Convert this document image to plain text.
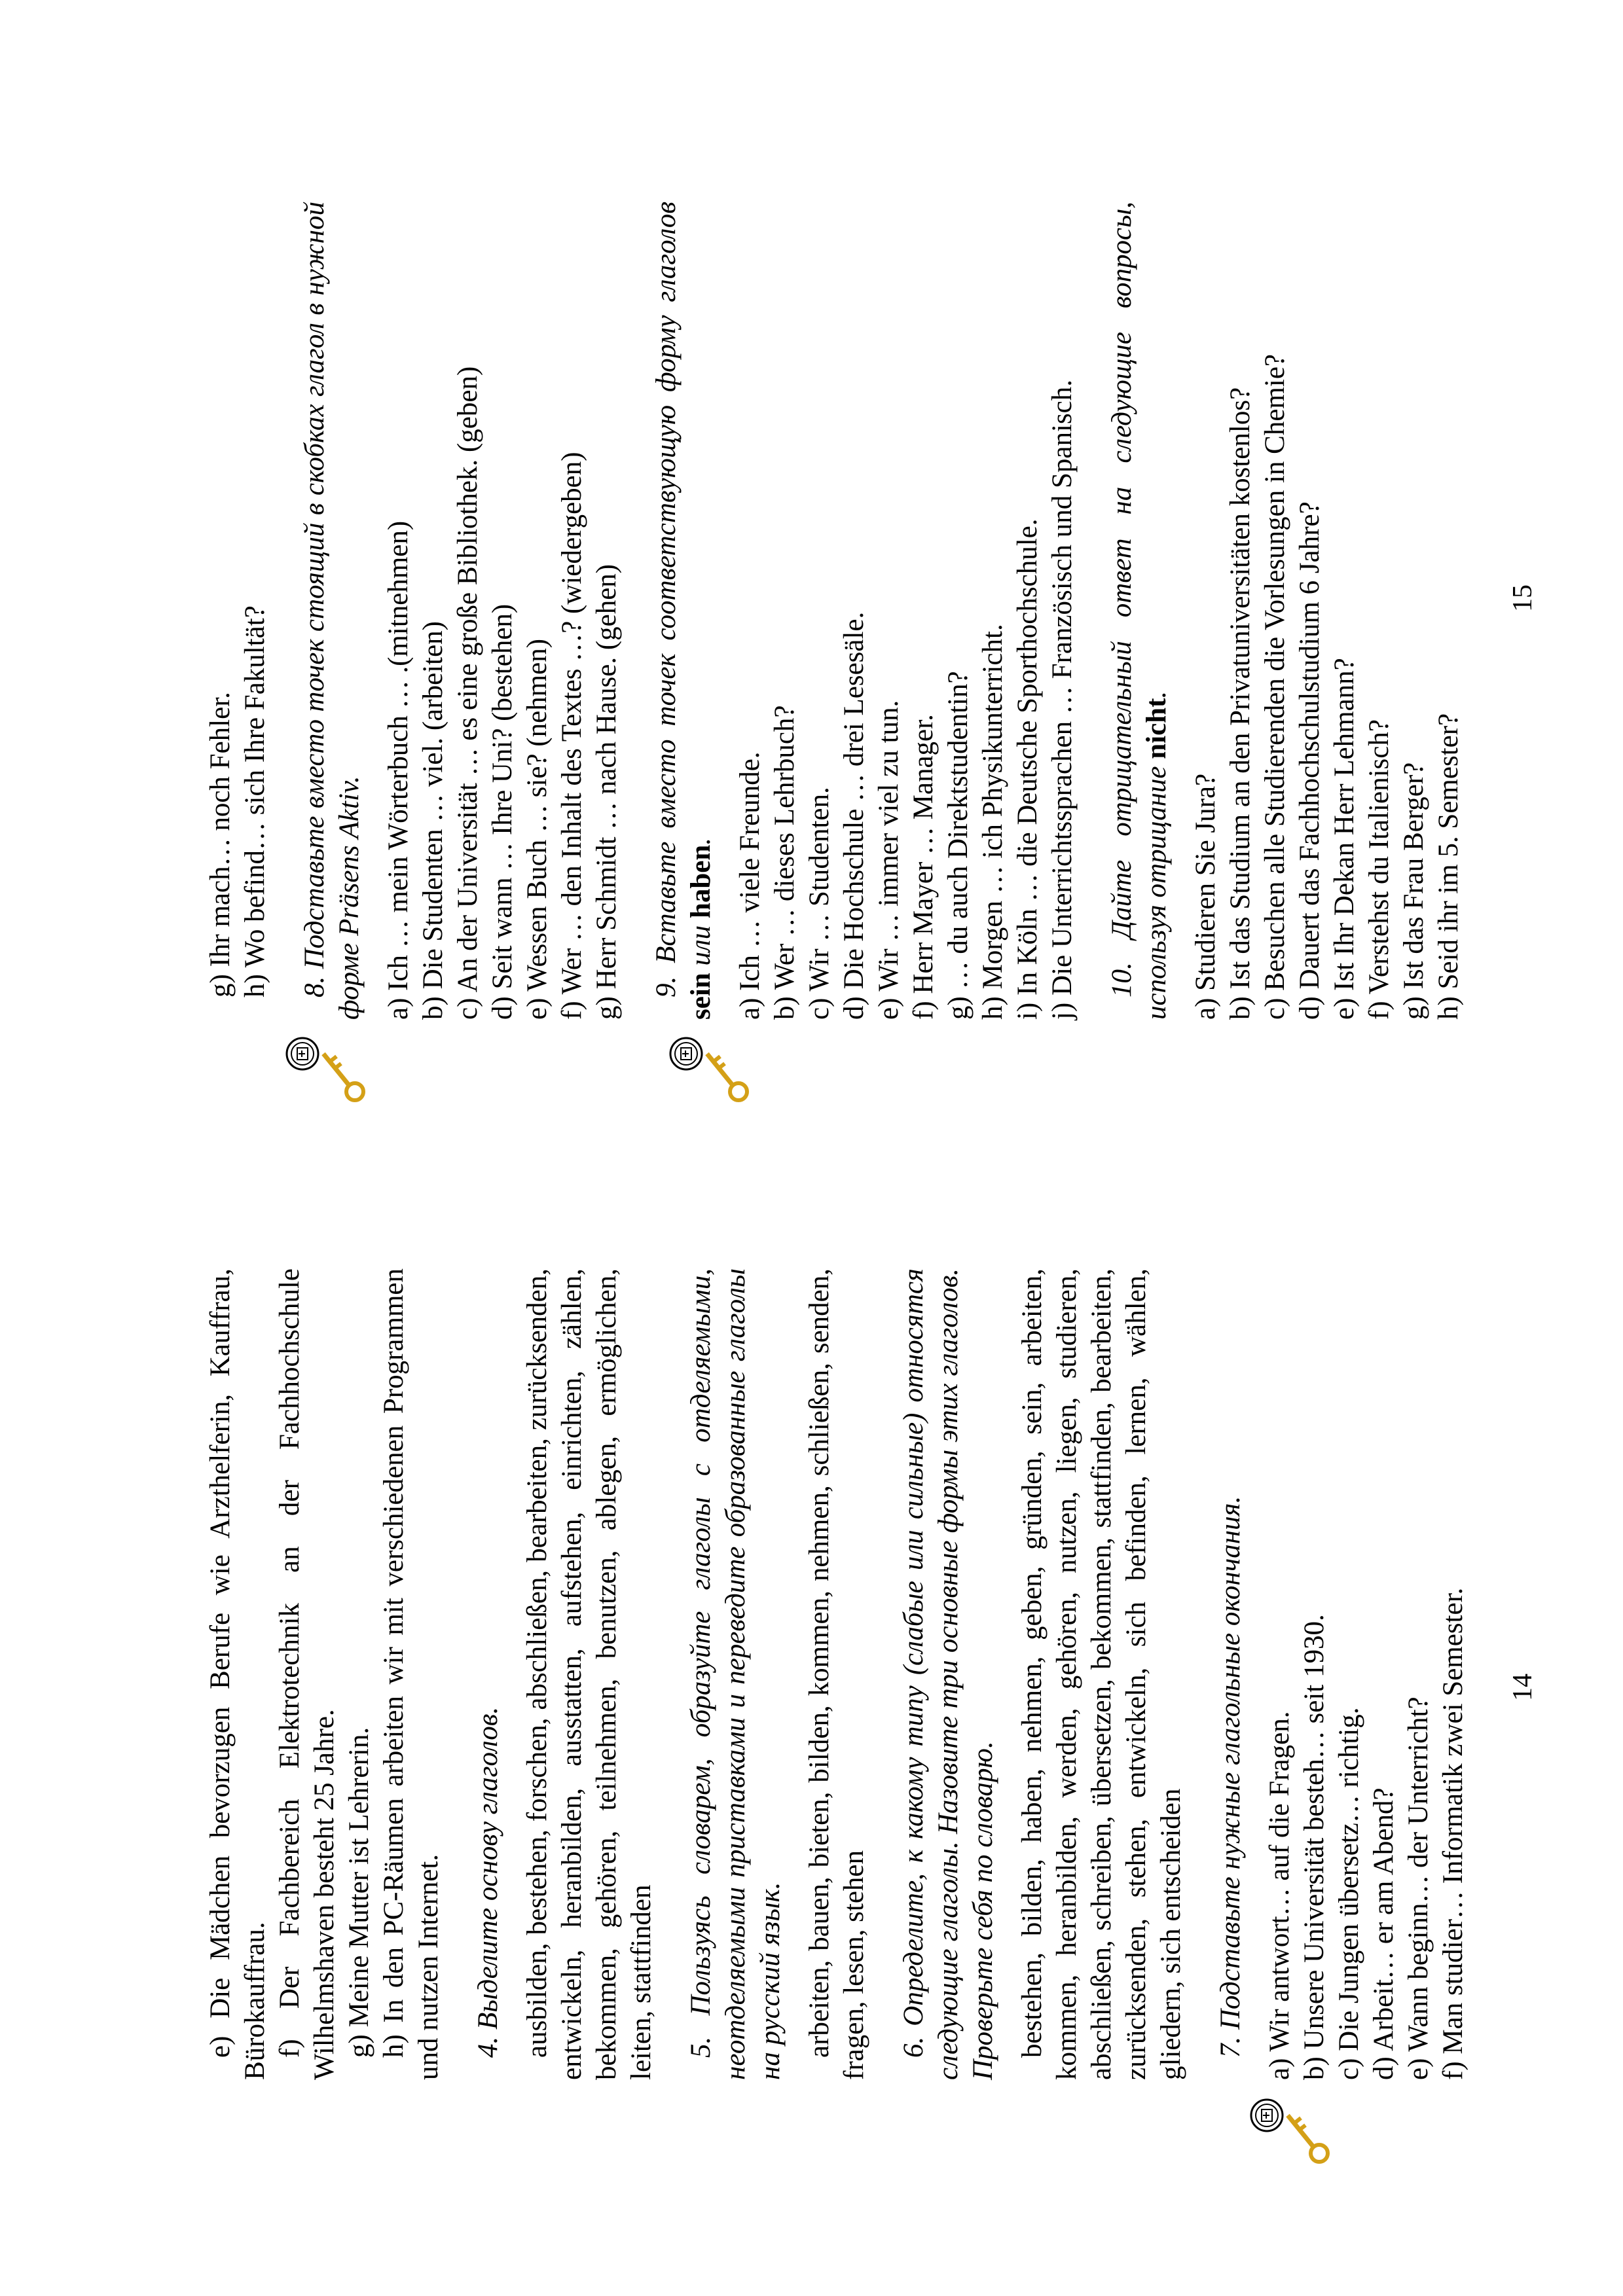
e) Die Mädchen bevorzugen Berufe wie Arzthelferin, Kauffrau, Bürokauffrau. f) Der Fachbereich Elektrotechnik an der Fachhochschule Wilhelmshaven besteht 25 Jahre. g) Meine Mutter ist Lehrerin. h) In den PC-Räumen arbeiten wir mit verschiedenen Programmen und nutzen Internet. 4. Выделите основу глаголов. ausbilden, bestehen, forschen, abschließen, bearbeiten, zurücksenden, entwickeln, heranbilden, ausstatten, aufstehen, einrichten, zählen, bekommen, gehören, teilnehmen, benutzen, ablegen, ermöglichen, leiten, stattfinden 5. Пользуясь словарем, образуйте глаголы с отделяемыми, неотделяемыми приставками и переведите образованные глаголы на русский язык. arbeiten, bauen, bieten, bilden, kommen, nehmen, schließen, senden, fragen, lesen, stehen 6. Определите, к какому типу (слабые или сильные) относятся следующие глаголы. Назовите три основные формы этих глаголов. Проверьте себя по словарю. bestehen, bilden, haben, nehmen, geben, gründen, sein, arbeiten, kommen, heranbilden, werden, gehören, nutzen, liegen, studieren, abschließen, schreiben, übersetzen, bekommen, stattfinden, bearbeiten, zurücksenden, stehen, entwickeln, sich befinden, lernen, wählen, gliedern, sich entscheiden 7. Подставьте нужные глагольные окончания. a) Wir antwort… auf die Fragen. b) Unsere Universität besteh… seit 1930. c) Die Jungen übersetz… richtig. d) Arbeit… er am Abend? e) Wann beginn… der Unterricht? f) Man studier… Informatik zwei Semester. 14

g) Ihr mach… noch Fehler. h) Wo befind… sich Ihre Fakultät? 8. Подставьте вместо точек стоящий в скобках глагол в нужной форме Präsens Aktiv. a) Ich … mein Wörterbuch … .(mitnehmen) b) Die Studenten … viel. (arbeiten) c) An der Universität … es eine große Bibliothek. (geben) d) Seit wann … Ihre Uni? (bestehen) e) Wessen Buch … sie? (nehmen) f) Wer … den Inhalt des Textes …? (wiedergeben) g) Herr Schmidt … nach Hause. (gehen) 9. Вставьте вместо точек соответствующую форму глаголов sein или haben. a) Ich … viele Freunde. b) Wer … dieses Lehrbuch? c) Wir … Studenten. d) Die Hochschule … drei Lesesäle. e) Wir … immer viel zu tun. f) Herr Mayer … Manager. g) … du auch Direktstudentin? h) Morgen … ich Physikunterricht. i) In Köln … die Deutsche Sporthochschule. j) Die Unterrichtssprachen … Französisch und Spanisch. 10. Дайте отрицательный ответ на следующие вопросы, используя отрицание nicht.

a) Studieren Sie Jura? b) Ist das Studium an den Privatuniversitäten kostenlos? c) Besuchen alle Studierenden die Vorlesungen in Chemie? d) Dauert das Fachhochschulstudium 6 Jahre? e) Ist Ihr Dekan Herr Lehmann? f) Verstehst du Italienisch? g) Ist das Frau Berger? h) Seid ihr im 5. Semester?

15
